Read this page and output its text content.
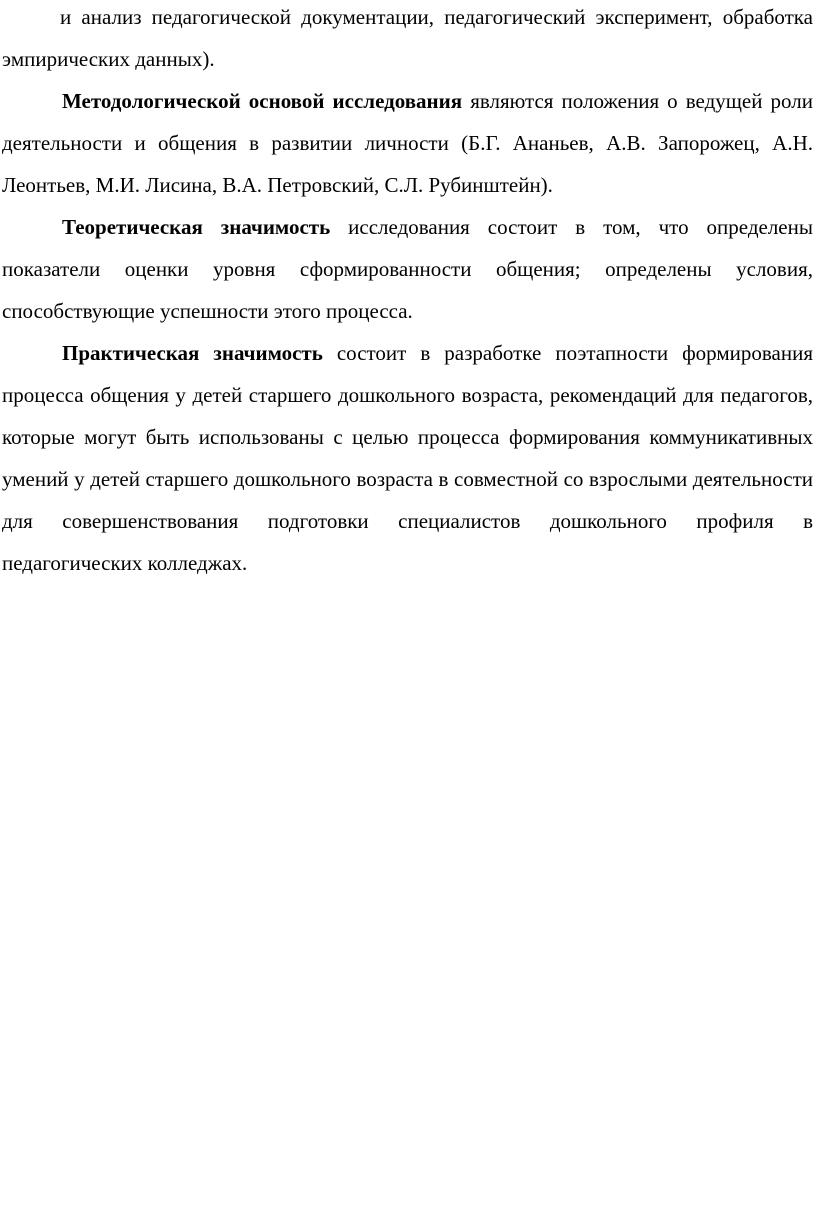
и анализ педагогической документации, педагогический эксперимент, обработка эмпирических данных).

Методологической основой исследования являются положения о ведущей роли деятельности и общения в развитии личности (Б.Г. Ананьев, А.В. Запорожец, А.Н. Леонтьев, М.И. Лисина, В.А. Петровский, С.Л. Рубинштейн).

Теоретическая значимость исследования состоит в том, что определены показатели оценки уровня сформированности общения; определены условия, способствующие успешности этого процесса.

Практическая значимость состоит в разработке поэтапности формирования процесса общения у детей старшего дошкольного возраста, рекомендаций для педагогов, которые могут быть использованы с целью процесса формирования коммуникативных умений у детей старшего дошкольного возраста в совместной со взрослыми деятельности для совершенствования подготовки специалистов дошкольного профиля в педагогических колледжах.
